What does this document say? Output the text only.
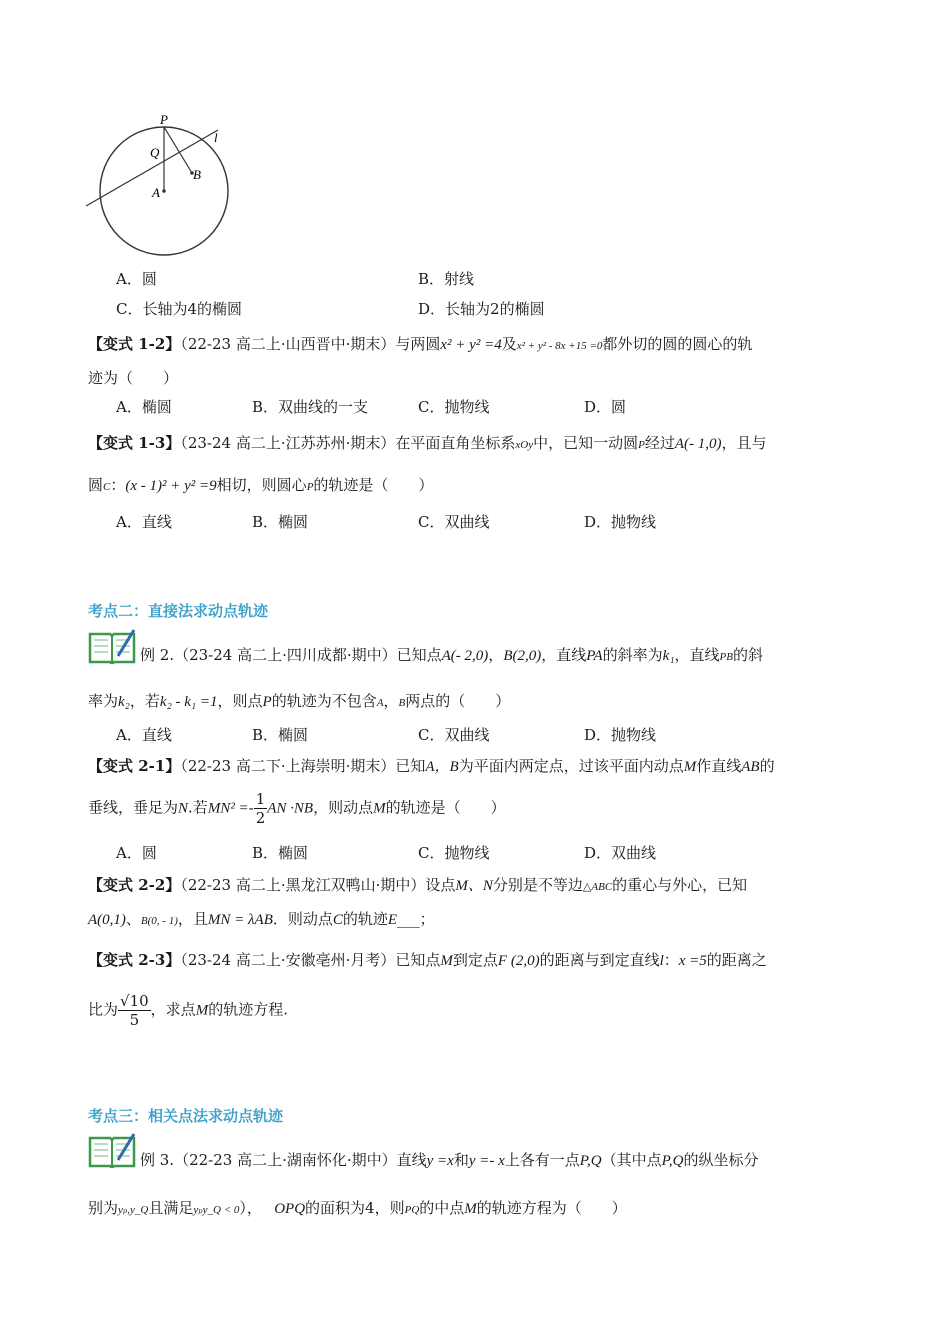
P
Q
B
A
l
A．圆	B．射线
C．长轴为4的椭圆	D．长轴为2的椭圆
【变式 1-2】（22-23 高二上·山西晋中·期末）与两圆x² + y² =4及x² + y² - 8x +15 =0都外切的圆的圆心的轨
迹为（　　）
A．椭圆	B．双曲线的一支	C．抛物线	D．圆
【变式 1-3】（23-24 高二上·江苏苏州·期末）在平面直角坐标系xOy中，已知一动圆P经过A(- 1,0)，且与
圆C：(x - 1)² + y² =9相切，则圆心P的轨迹是（　　）
A．直线	B．椭圆	C．双曲线	D．抛物线
考点二：直接法求动点轨迹
例 2.（23-24 高二上·四川成都·期中）已知点A(- 2,0)，B(2,0)，直线PA的斜率为k₁，直线PB的斜
率为k₂，若k₂ - k₁ =1，则点P的轨迹为不包含A，B两点的（　　）
A．直线	B．椭圆	C．双曲线	D．抛物线
【变式 2-1】（22-23 高二下·上海崇明·期末）已知A，B为平面内两定点，过该平面内动点M作直线AB的
垂线，垂足为N.若$MN^2 =- \frac{1}{2}$ AN ·NB，则动点M的轨迹是（　　）
A．圆	B．椭圆	C．抛物线	D．双曲线
【变式 2-2】（22-23 高二上·黑龙江双鸭山·期中）设点M、N分别是不等边△ABC的重心与外心，已知
A(0,1)、B(0, - 1)，且MN = λAB．则动点C的轨迹E___；
【变式 2-3】（23-24 高二上·安徽亳州·月考）已知点M到定点F (2,0)的距离与到定直线l：x =5的距离之
比为 $\frac{√10}{5}$ ，求点M的轨迹方程.
考点三：相关点法求动点轨迹
例 3.（22-23 高二上·湖南怀化·期中）直线y =x和y =- x上各有一点P,Q（其中点P,Q的纵坐标分
别为yₚ,y_Q且满足yₚy_Q < 0），　 OPQ的面积为4，则PQ的中点M的轨迹方程为（　　）
